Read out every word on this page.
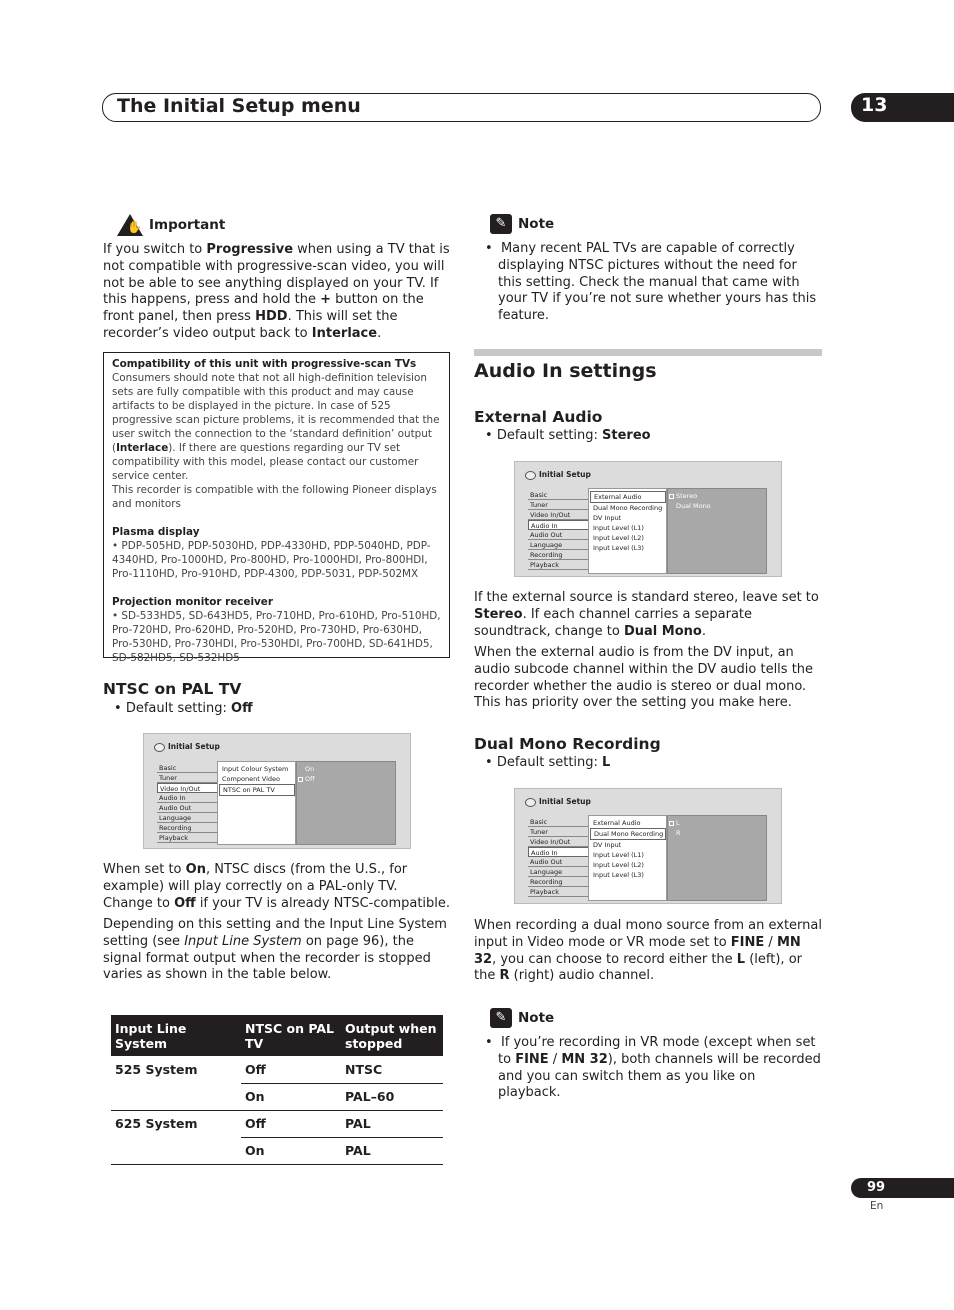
The Initial Setup menu	13
✋ Important
If you switch to Progressive when using a TV that is not compatible with progressive-scan video, you will not be able to see anything displayed on your TV. If this happens, press and hold the + button on the front panel, then press HDD. This will set the recorder’s video output back to Interlace.

Compatibility of this unit with progressive-scan TVs

Consumers should note that not all high-definition television sets are fully compatible with this product and may cause artifacts to be displayed in the picture. In case of 525 progressive scan picture problems, it is recommended that the user switch the connection to the ‘standard definition’ output (Interlace). If there are questions regarding our TV set compatibility with this model, please contact our customer service center.

This recorder is compatible with the following Pioneer displays and monitors

Plasma display

• PDP-505HD, PDP-5030HD, PDP-4330HD, PDP-5040HD, PDP-4340HD, Pro-1000HD, Pro-800HD, Pro-1000HDI, Pro-800HDI, Pro-1110HD, Pro-910HD, PDP-4300, PDP-5031, PDP-502MX

Projection monitor receiver

• SD-533HD5, SD-643HD5, Pro-710HD, Pro-610HD, Pro-510HD, Pro-720HD, Pro-620HD, Pro-520HD, Pro-730HD, Pro-630HD, Pro-530HD, Pro-730HDI, Pro-530HDI, Pro-700HD, SD-641HD5, SD-582HD5, SD-532HD5

NTSC on PAL TV
• Default setting: Off
Initial Setup
Basic
Tuner
Video In/Out
Audio In
Audio Out
Language
Recording
Playback
Input Colour System
Component Video
NTSC on PAL TV
On
Off
When set to On, NTSC discs (from the U.S., for example) will play correctly on a PAL-only TV. Change to Off if your TV is already NTSC-compatible.
Depending on this setting and the Input Line System setting (see Input Line System on page 96), the signal format output when the recorder is stopped varies as shown in the table below.
Input Line System	NTSC on PAL TV	Output when stopped
525 System	Off	NTSC
	On	PAL–60
625 System	Off	PAL
	On	PAL
✎ Note
•  Many recent PAL TVs are capable of correctly displaying NTSC pictures without the need for this setting. Check the manual that came with your TV if you’re not sure whether yours has this feature.
Audio In settings
External Audio
• Default setting: Stereo
Initial Setup
Basic
Tuner
Video In/Out
Audio In
Audio Out
Language
Recording
Playback
External Audio
Dual Mono Recording
DV Input
Input Level (L1)
Input Level (L2)
Input Level (L3)
Stereo
Dual Mono
If the external source is standard stereo, leave set to Stereo. If each channel carries a separate soundtrack, change to Dual Mono.
When the external audio is from the DV input, an audio subcode channel within the DV audio tells the recorder whether the audio is stereo or dual mono. This has priority over the setting you make here.
Dual Mono Recording
• Default setting: L
Initial Setup
Basic
Tuner
Video In/Out
Audio In
Audio Out
Language
Recording
Playback
External Audio
Dual Mono Recording
DV Input
Input Level (L1)
Input Level (L2)
Input Level (L3)
L
R
When recording a dual mono source from an external input in Video mode or VR mode set to FINE / MN 32, you can choose to record either the L (left), or the R (right) audio channel.
✎ Note
•  If you’re recording in VR mode (except when set to FINE / MN 32), both channels will be recorded and you can switch them as you like on playback.
99
En
